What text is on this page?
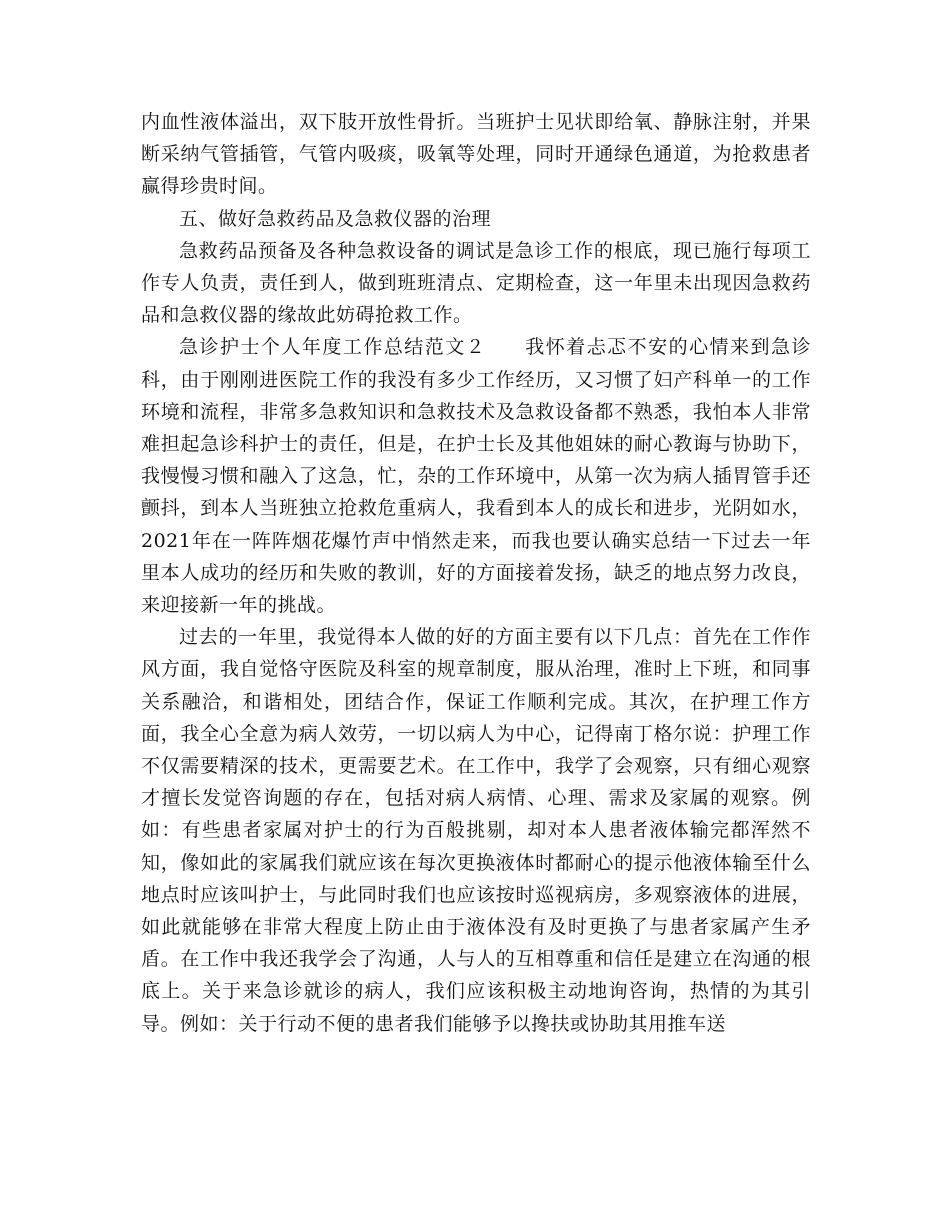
内血性液体溢出，双下肢开放性骨折。当班护士见状即给氧、静脉注射，并果断采纳气管插管，气管内吸痰，吸氧等处理，同时开通绿色通道，为抢救患者赢得珍贵时间。

五、做好急救药品及急救仪器的治理

急救药品预备及各种急救设备的调试是急诊工作的根底，现已施行每项工作专人负责，责任到人，做到班班清点、定期检查，这一年里未出现因急救药品和急救仪器的缘故此妨碍抢救工作。

急诊护士个人年度工作总结范文２ 我怀着忐忑不安的心情来到急诊科，由于刚刚进医院工作的我没有多少工作经历，又习惯了妇产科单一的工作环境和流程，非常多急救知识和急救技术及急救设备都不熟悉，我怕本人非常难担起急诊科护士的责任，但是，在护士长及其他姐妹的耐心教诲与协助下，我慢慢习惯和融入了这急，忙，杂的工作环境中，从第一次为病人插胃管手还颤抖，到本人当班独立抢救危重病人，我看到本人的成长和进步，光阴如水，2021年在一阵阵烟花爆竹声中悄然走来，而我也要认确实总结一下过去一年里本人成功的经历和失败的教训，好的方面接着发扬，缺乏的地点努力改良，来迎接新一年的挑战。

过去的一年里，我觉得本人做的好的方面主要有以下几点：首先在工作作风方面，我自觉恪守医院及科室的规章制度，服从治理，准时上下班，和同事关系融洽，和谐相处，团结合作，保证工作顺利完成。其次，在护理工作方面，我全心全意为病人效劳，一切以病人为中心，记得南丁格尔说：护理工作不仅需要精深的技术，更需要艺术。在工作中，我学了会观察，只有细心观察才擅长发觉咨询题的存在，包括对病人病情、心理、需求及家属的观察。例如：有些患者家属对护士的行为百般挑剔，却对本人患者液体输完都浑然不知，像如此的家属我们就应该在每次更换液体时都耐心的提示他液体输至什么地点时应该叫护士，与此同时我们也应该按时巡视病房，多观察液体的进展，如此就能够在非常大程度上防止由于液体没有及时更换了与患者家属产生矛盾。在工作中我还我学会了沟通，人与人的互相尊重和信任是建立在沟通的根底上。关于来急诊就诊的病人，我们应该积极主动地询咨询，热情的为其引导。例如：关于行动不便的患者我们能够予以搀扶或协助其用推车送
